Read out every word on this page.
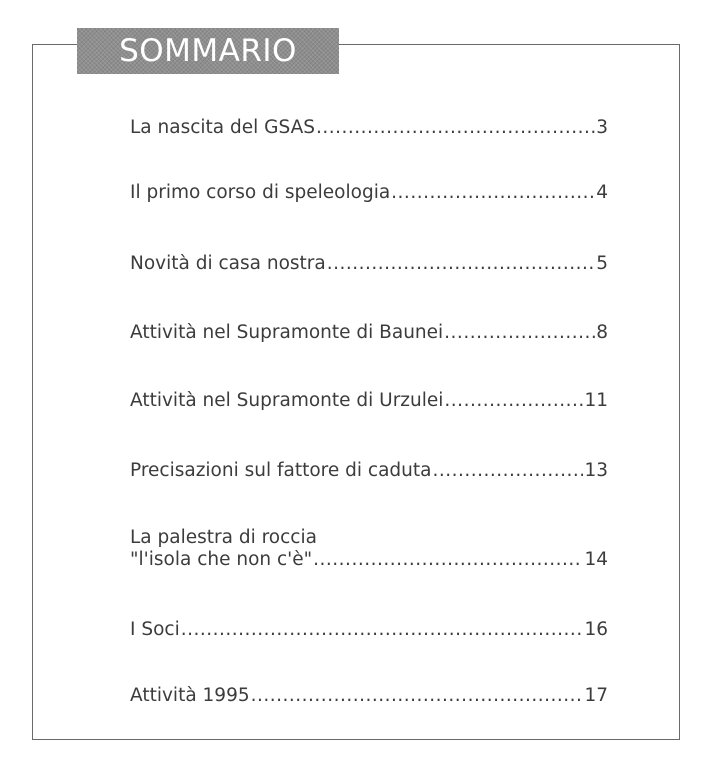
SOMMARIO
La nascita del GSAS .....	3
Il primo corso di speleologia .....	4
Novità di casa nostra .....	5
Attività nel Supramonte di Baunei .....	8
Attività nel Supramonte di Urzulei .....	11
Precisazioni sul fattore di caduta .....	13
La palestra di roccia
"l'isola che non c'è" .....	14
I Soci .....	16
Attività 1995 .....	17
